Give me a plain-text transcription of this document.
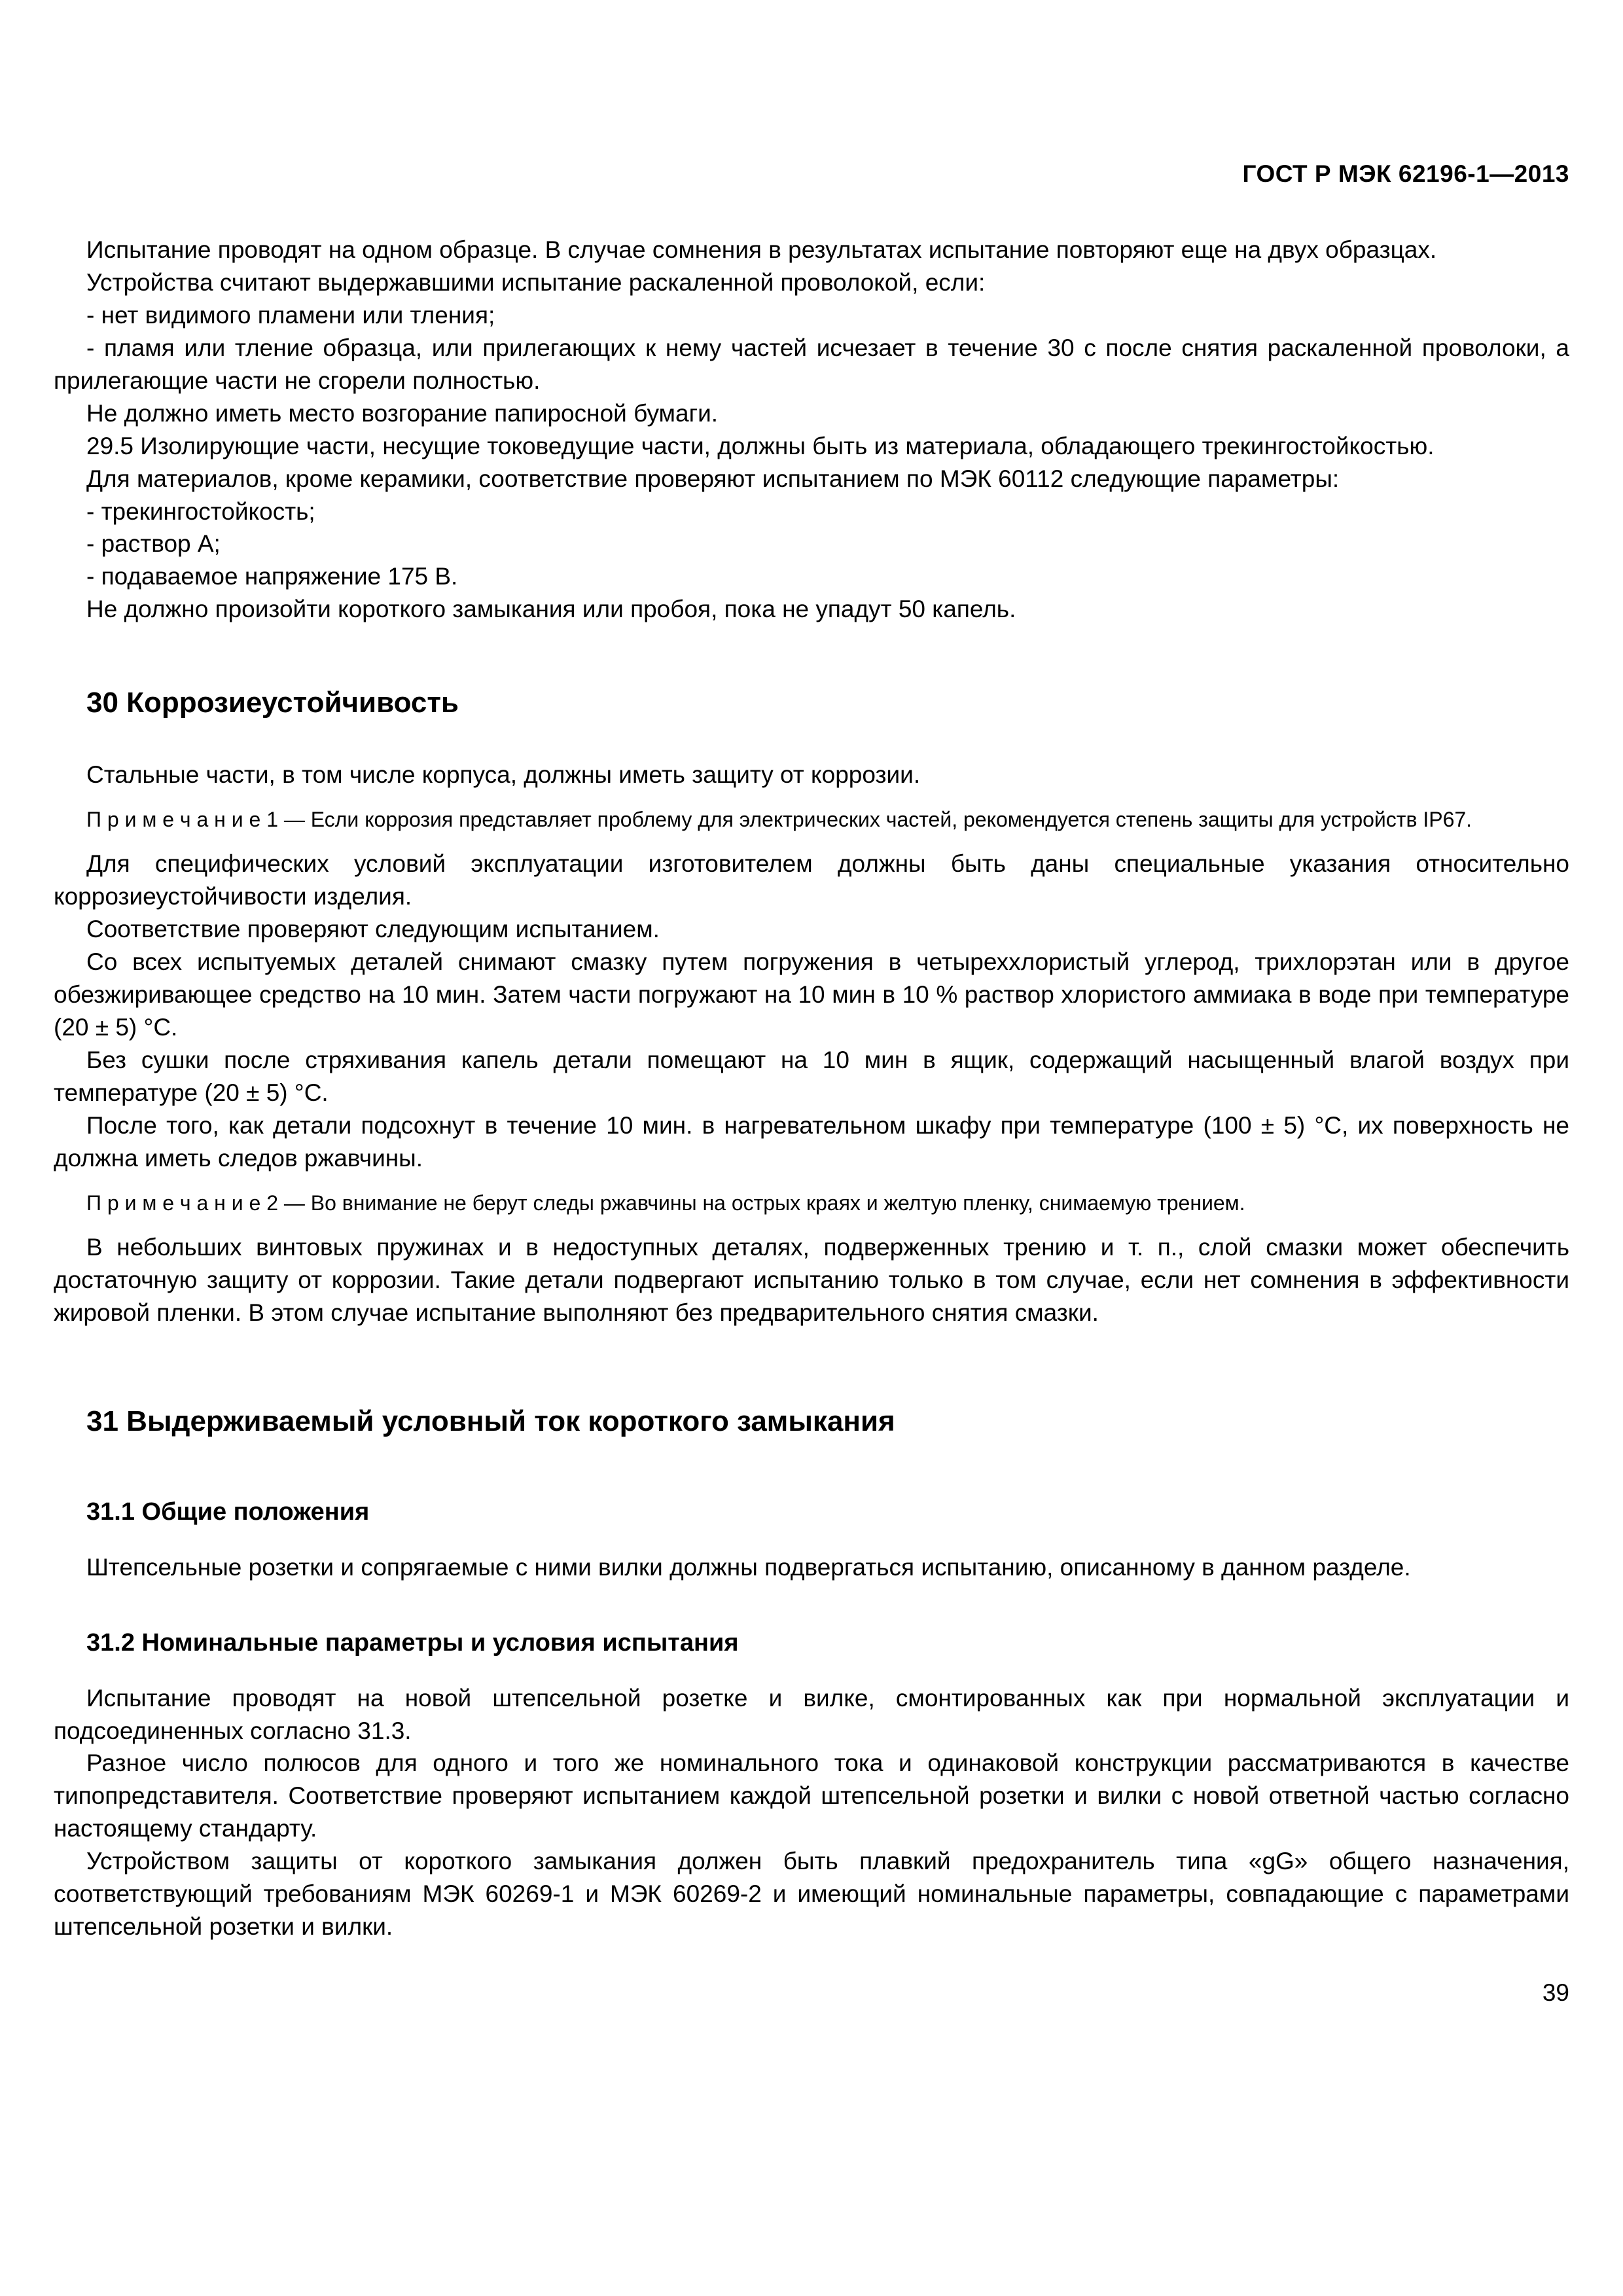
ГОСТ Р МЭК 62196-1—2013

Испытание проводят на одном образце. В случае сомнения в результатах испытание повторяют еще на двух образцах.

Устройства считают выдержавшими испытание раскаленной проволокой, если:

- нет видимого пламени или тления;

- пламя или тление образца, или прилегающих к нему частей исчезает в течение 30 с после снятия раскаленной проволоки, а прилегающие части не сгорели полностью.

Не должно иметь место возгорание папиросной бумаги.

29.5 Изолирующие части, несущие токоведущие части, должны быть из материала, обладающего трекингостойкостью.

Для материалов, кроме керамики, соответствие проверяют испытанием по МЭК 60112 следующие параметры:

- трекингостойкость;

- раствор А;

- подаваемое напряжение 175 В.

Не должно произойти короткого замыкания или пробоя, пока не упадут 50 капель.

30 Коррозиеустойчивость

Стальные части, в том числе корпуса, должны иметь защиту от коррозии.

П р и м е ч а н и е 1 — Если коррозия представляет проблему для электрических частей, рекомендуется степень защиты для устройств IP67.

Для специфических условий эксплуатации изготовителем должны быть даны специальные указания относительно коррозиеустойчивости изделия.

Соответствие проверяют следующим испытанием.

Со всех испытуемых деталей снимают смазку путем погружения в четыреххлористый углерод, трихлорэтан или в другое обезжиривающее средство на 10 мин. Затем части погружают на 10 мин в 10 % раствор хлористого аммиака в воде при температуре (20 ± 5) °С.

Без сушки после стряхивания капель детали помещают на 10 мин в ящик, содержащий насыщенный влагой воздух при температуре (20 ± 5) °С.

После того, как детали подсохнут в течение 10 мин. в нагревательном шкафу при температуре (100 ± 5) °С, их поверхность не должна иметь следов ржавчины.

П р и м е ч а н и е 2 — Во внимание не берут следы ржавчины на острых краях и желтую пленку, снимаемую трением.

В небольших винтовых пружинах и в недоступных деталях, подверженных трению и т. п., слой смазки может обеспечить достаточную защиту от коррозии. Такие детали подвергают испытанию только в том случае, если нет сомнения в эффективности жировой пленки. В этом случае испытание выполняют без предварительного снятия смазки.

31 Выдерживаемый условный ток короткого замыкания
31.1 Общие положения

Штепсельные розетки и сопрягаемые с ними вилки должны подвергаться испытанию, описанному в данном разделе.

31.2 Номинальные параметры и условия испытания

Испытание проводят на новой штепсельной розетке и вилке, смонтированных как при нормальной эксплуатации и подсоединенных согласно 31.3.

Разное число полюсов для одного и того же номинального тока и одинаковой конструкции рассматриваются в качестве типопредставителя. Соответствие проверяют испытанием каждой штепсельной розетки и вилки с новой ответной частью согласно настоящему стандарту.

Устройством защиты от короткого замыкания должен быть плавкий предохранитель типа «gG» общего назначения, соответствующий требованиям МЭК 60269-1 и МЭК 60269-2 и имеющий номинальные параметры, совпадающие с параметрами штепсельной розетки и вилки.

39
